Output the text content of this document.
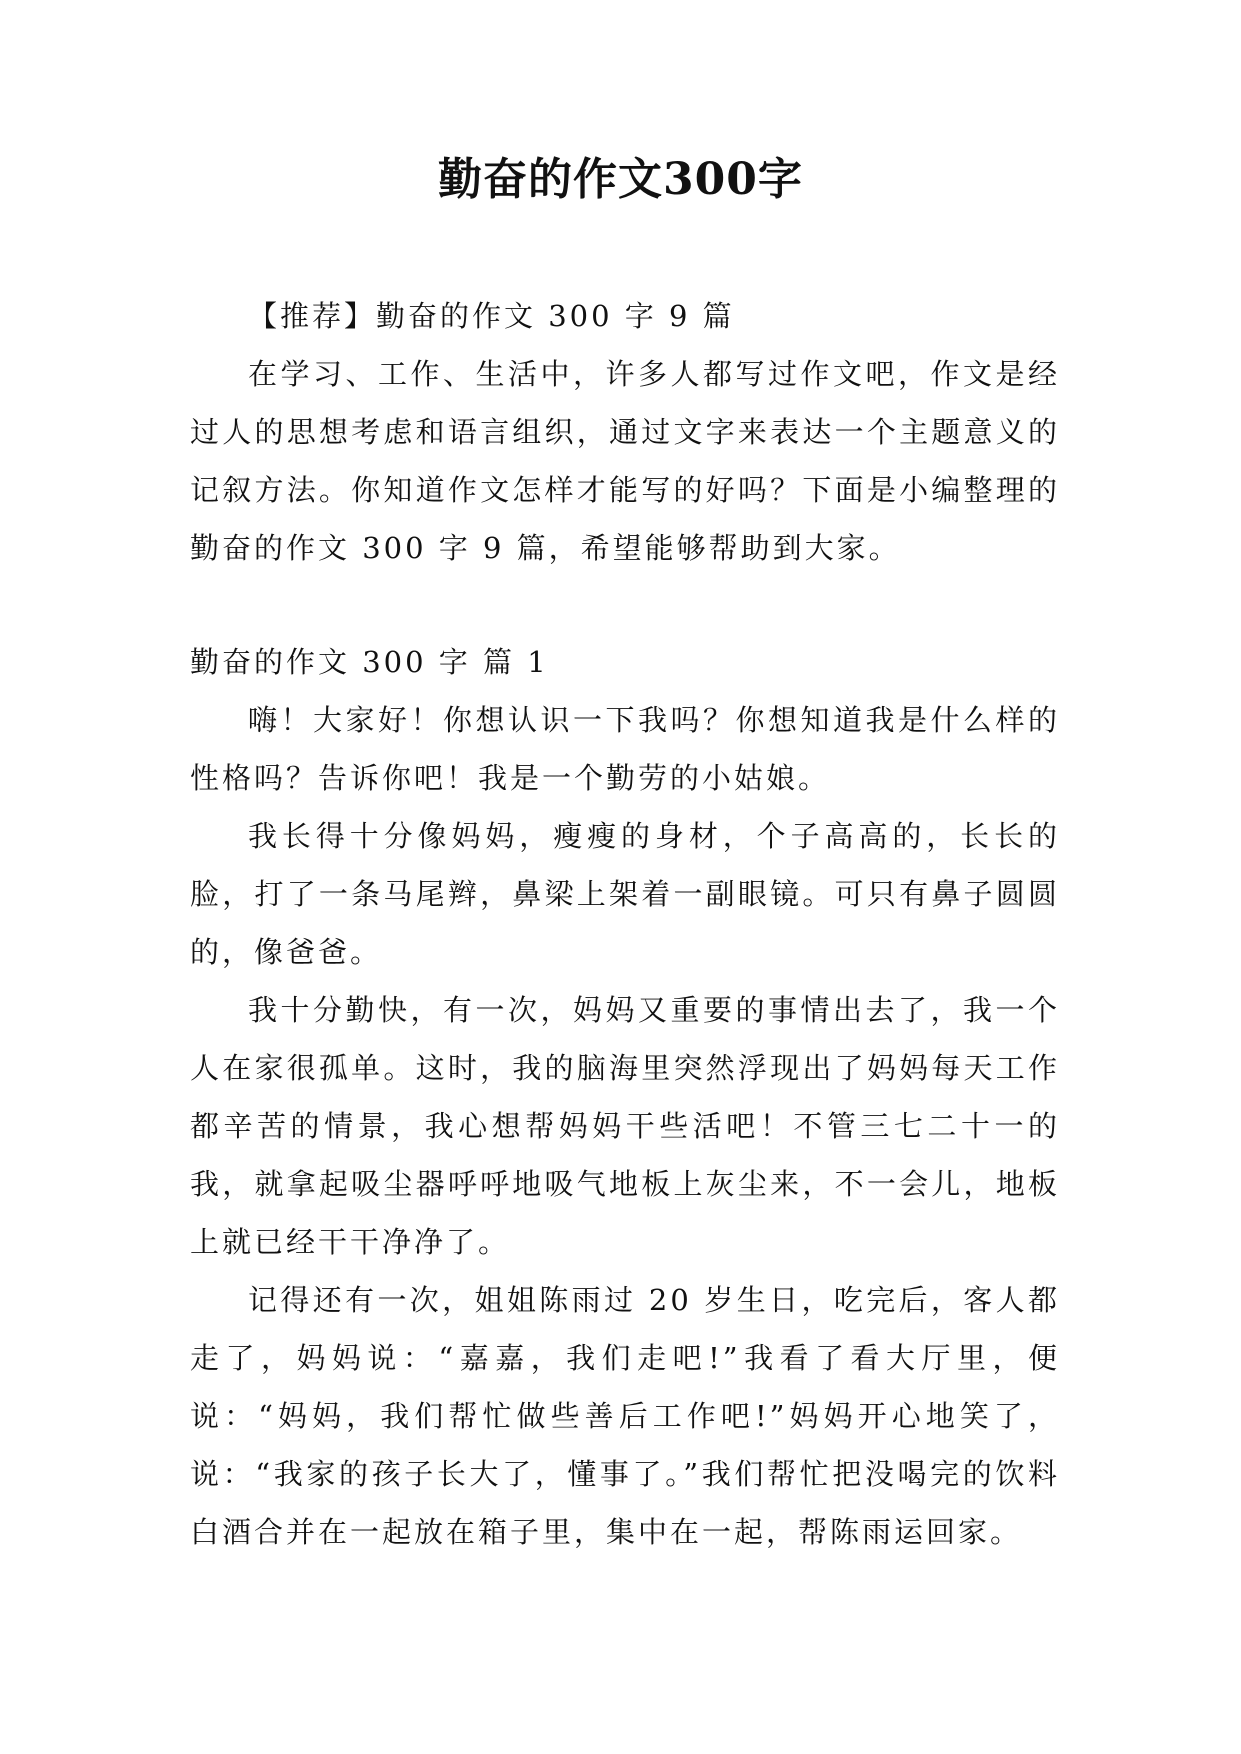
勤奋的作文300字

【推荐】勤奋的作文 300 字 9 篇

在学习、工作、生活中，许多人都写过作文吧，作文是经过人的思想考虑和语言组织，通过文字来表达一个主题意义的记叙方法。你知道作文怎样才能写的好吗？下面是小编整理的勤奋的作文 300 字 9 篇，希望能够帮助到大家。

勤奋的作文 300 字 篇 1

嗨！大家好！你想认识一下我吗？你想知道我是什么样的性格吗？告诉你吧！我是一个勤劳的小姑娘。

我长得十分像妈妈，瘦瘦的身材，个子高高的，长长的脸，打了一条马尾辫，鼻梁上架着一副眼镜。可只有鼻子圆圆的，像爸爸。

我十分勤快，有一次，妈妈又重要的事情出去了，我一个人在家很孤单。这时，我的脑海里突然浮现出了妈妈每天工作都辛苦的情景，我心想帮妈妈干些活吧！不管三七二十一的我，就拿起吸尘器呼呼地吸气地板上灰尘来，不一会儿，地板上就已经干干净净了。

记得还有一次，姐姐陈雨过 20 岁生日，吃完后，客人都走了，妈妈说：“嘉嘉，我们走吧!”我看了看大厅里，便说：“妈妈，我们帮忙做些善后工作吧!”妈妈开心地笑了，说：“我家的孩子长大了，懂事了。”我们帮忙把没喝完的饮料白酒合并在一起放在箱子里，集中在一起，帮陈雨运回家。
